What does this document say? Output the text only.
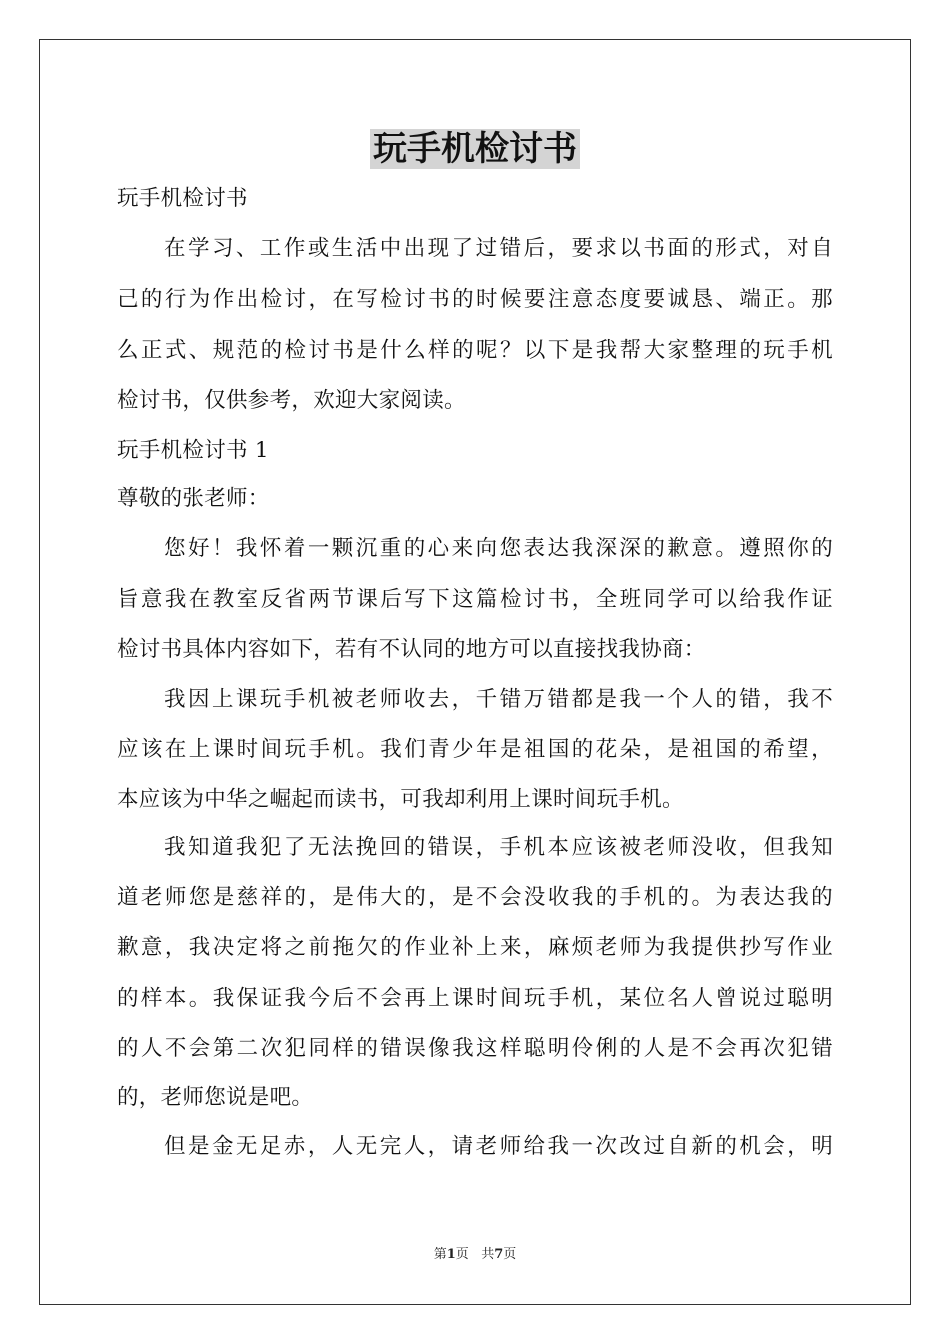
玩手机检讨书

玩手机检讨书

在学习、工作或生活中出现了过错后，要求以书面的形式，对自

己的行为作出检讨，在写检讨书的时候要注意态度要诚恳、端正。那

么正式、规范的检讨书是什么样的呢？以下是我帮大家整理的玩手机

检讨书，仅供参考，欢迎大家阅读。

玩手机检讨书 1

尊敬的张老师：

您好！我怀着一颗沉重的心来向您表达我深深的歉意。遵照你的

旨意我在教室反省两节课后写下这篇检讨书，全班同学可以给我作证

检讨书具体内容如下，若有不认同的地方可以直接找我协商：

我因上课玩手机被老师收去，千错万错都是我一个人的错，我不

应该在上课时间玩手机。我们青少年是祖国的花朵，是祖国的希望，

本应该为中华之崛起而读书，可我却利用上课时间玩手机。

我知道我犯了无法挽回的错误，手机本应该被老师没收，但我知

道老师您是慈祥的，是伟大的，是不会没收我的手机的。为表达我的

歉意，我决定将之前拖欠的作业补上来，麻烦老师为我提供抄写作业

的样本。我保证我今后不会再上课时间玩手机，某位名人曾说过聪明

的人不会第二次犯同样的错误像我这样聪明伶俐的人是不会再次犯错

的，老师您说是吧。

但是金无足赤，人无完人，请老师给我一次改过自新的机会，明

第1页 共7页
